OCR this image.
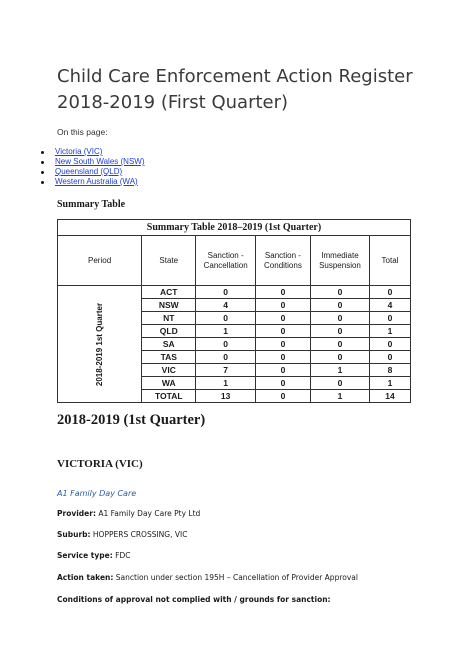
Child Care Enforcement Action Register
2018-2019 (First Quarter)
On this page:
Victoria (VIC)
New South Wales (NSW)
Queensland (QLD)
Western Australia (WA)
Summary Table
Summary Table 2018–2019 (1st Quarter)					
Period	State	Sanction - Cancellation	Sanction - Conditions	Immediate Suspension	Total
2018-2019 1st Quarter	ACT	0	0	0	0
	NSW	4	0	0	4
	NT	0	0	0	0
	QLD	1	0	0	1
	SA	0	0	0	0
	TAS	0	0	0	0
	VIC	7	0	1	8
	WA	1	0	0	1
	TOTAL	13	0	1	14
2018-2019 (1st Quarter)
VICTORIA (VIC)
A1 Family Day Care
Provider: A1 Family Day Care Pty Ltd
Suburb: HOPPERS CROSSING, VIC
Service type: FDC
Action taken: Sanction under section 195H – Cancellation of Provider Approval
Conditions of approval not complied with / grounds for sanction:
